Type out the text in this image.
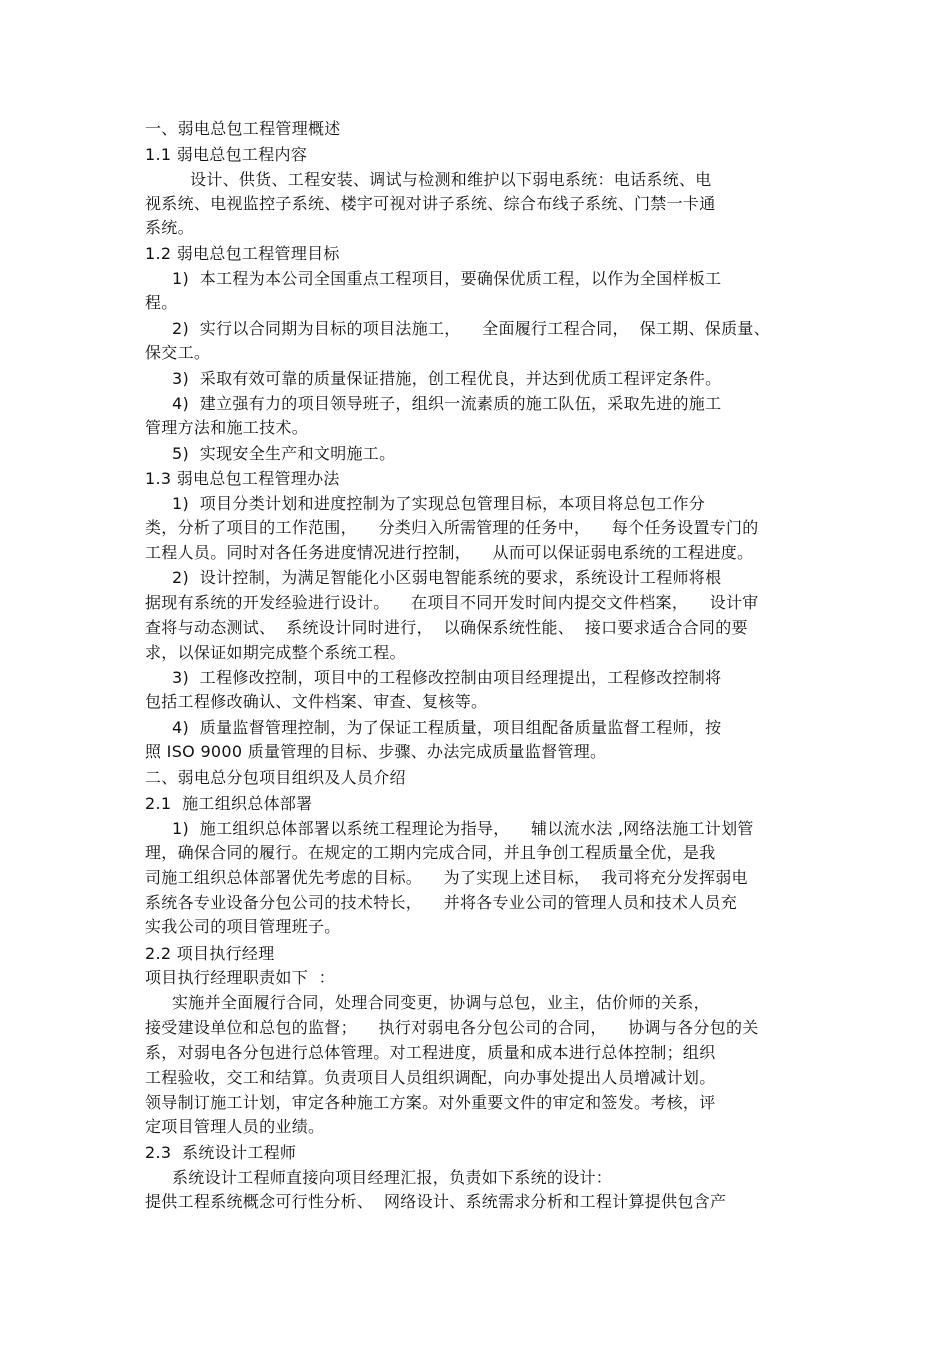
一、弱电总包工程管理概述
1.1 弱电总包工程内容
设计、供货、工程安装、调试与检测和维护以下弱电系统：电话系统、电
视系统、电视监控子系统、楼宇可视对讲子系统、综合布线子系统、门禁一卡通
系统。
1.2 弱电总包工程管理目标
1)  本工程为本公司全国重点工程项目，要确保优质工程，以作为全国样板工
程。
2)  实行以合同期为目标的项目法施工，    全面履行工程合同，  保工期、保质量、
保交工。
3)  采取有效可靠的质量保证措施，创工程优良，并达到优质工程评定条件。
4)  建立强有力的项目领导班子，组织一流素质的施工队伍，采取先进的施工
管理方法和施工技术。
5)  实现安全生产和文明施工。
1.3 弱电总包工程管理办法
1)  项目分类计划和进度控制为了实现总包管理目标，本项目将总包工作分
类，分析了项目的工作范围，    分类归入所需管理的任务中，    每个任务设置专门的
工程人员。同时对各任务进度情况进行控制，    从而可以保证弱电系统的工程进度。
2)  设计控制，为满足智能化小区弱电智能系统的要求，系统设计工程师将根
据现有系统的开发经验进行设计。    在项目不同开发时间内提交文件档案，    设计审
查将与动态测试、  系统设计同时进行，  以确保系统性能、  接口要求适合合同的要
求，以保证如期完成整个系统工程。
3)  工程修改控制，项目中的工程修改控制由项目经理提出，工程修改控制将
包括工程修改确认、文件档案、审查、复核等。
4)  质量监督管理控制，为了保证工程质量，项目组配备质量监督工程师，按
照 ISO 9000 质量管理的目标、步骤、办法完成质量监督管理。
二、弱电总分包项目组织及人员介绍
2.1  施工组织总体部署
1)  施工组织总体部署以系统工程理论为指导，    辅以流水法 ,网络法施工计划管
理，确保合同的履行。在规定的工期内完成合同，并且争创工程质量全优，是我
司施工组织总体部署优先考虑的目标。    为了实现上述目标，  我司将充分发挥弱电
系统各专业设备分包公司的技术特长，    并将各专业公司的管理人员和技术人员充
实我公司的项目管理班子。
2.2 项目执行经理
项目执行经理职责如下  ：
实施并全面履行合同，处理合同变更，协调与总包，业主，估价师的关系，
接受建设单位和总包的监督；    执行对弱电各分包公司的合同，    协调与各分包的关
系，对弱电各分包进行总体管理。对工程进度，质量和成本进行总体控制；组织
工程验收，交工和结算。负责项目人员组织调配，向办事处提出人员增减计划。
领导制订施工计划，审定各种施工方案。对外重要文件的审定和签发。考核，评
定项目管理人员的业绩。
2.3  系统设计工程师
系统设计工程师直接向项目经理汇报，负责如下系统的设计：
提供工程系统概念可行性分析、  网络设计、系统需求分析和工程计算提供包含产
